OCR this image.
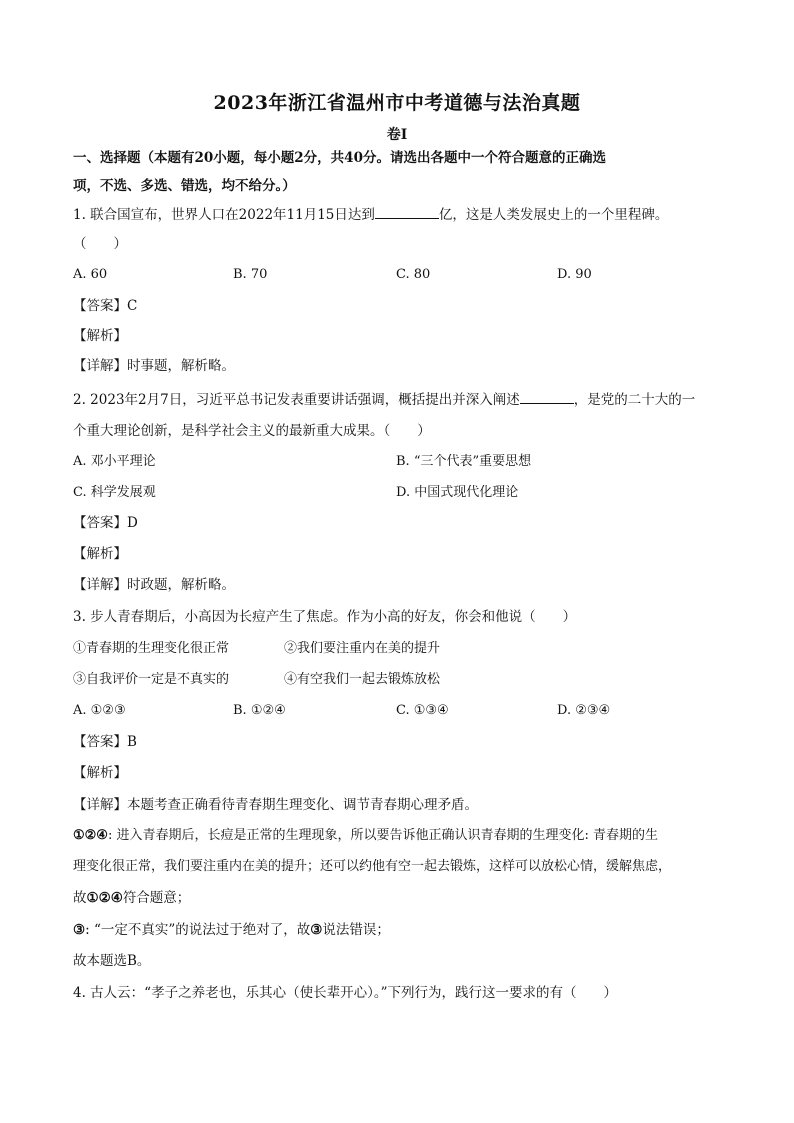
2023年浙江省温州市中考道德与法治真题
卷I
一、选择题（本题有20小题，每小题2分，共40分。请选出各题中一个符合题意的正确选
项，不选、多选、错选，均不给分。）
1. 联合国宣布，世界人口在2022年11月15日达到	亿，这是人类发展史上的一个里程碑。
（　　）
A. 60	B. 70	C. 80	D. 90
【答案】C
【解析】
【详解】时事题，解析略。
2. 2023年2月7日，习近平总书记发表重要讲话强调，概括提出并深入阐述	，是党的二十大的一
个重大理论创新，是科学社会主义的最新重大成果。（　　）
A. 邓小平理论	B. “三个代表”重要思想
C. 科学发展观	D. 中国式现代化理论
【答案】D
【解析】
【详解】时政题，解析略。
3. 步人青春期后，小高因为长痘产生了焦虑。作为小高的好友，你会和他说（　　）
①青春期的生理变化很正常	②我们要注重内在美的提升
③自我评价一定是不真实的	④有空我们一起去锻炼放松
A. ①②③	B. ①②④	C. ①③④	D. ②③④
【答案】B
【解析】
【详解】本题考查正确看待青春期生理变化、调节青春期心理矛盾。
①②④: 进入青春期后，长痘是正常的生理现象，所以要告诉他正确认识青春期的生理变化: 青春期的生
理变化很正常，我们要注重内在美的提升；还可以约他有空一起去锻炼，这样可以放松心情，缓解焦虑，
故①②④符合题意；
③: “一定不真实”的说法过于绝对了，故③说法错误；
故本题选B。
4. 古人云：“孝子之养老也，乐其心（使长辈开心）。”下列行为，践行这一要求的有（　　）
